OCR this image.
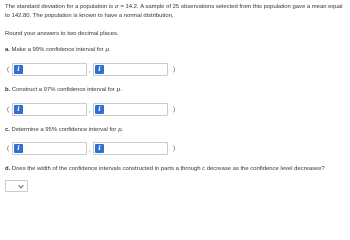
The standard deviation for a population is σ = 14.2. A sample of 25 observations selected from this population gave a mean equal to 142.80. The population is known to have a normal distribution.
Round your answers to two decimal places.
a. Make a 99% confidence interval for μ.
(	i	,	i	)
b. Construct a 97% confidence interval for μ.
(	i	,	i	)
c. Determine a 95% confidence interval for μ.
(	i	,	i	)
d. Does the width of the confidence intervals constructed in parts a through c decrease as the confidence level decreases?
